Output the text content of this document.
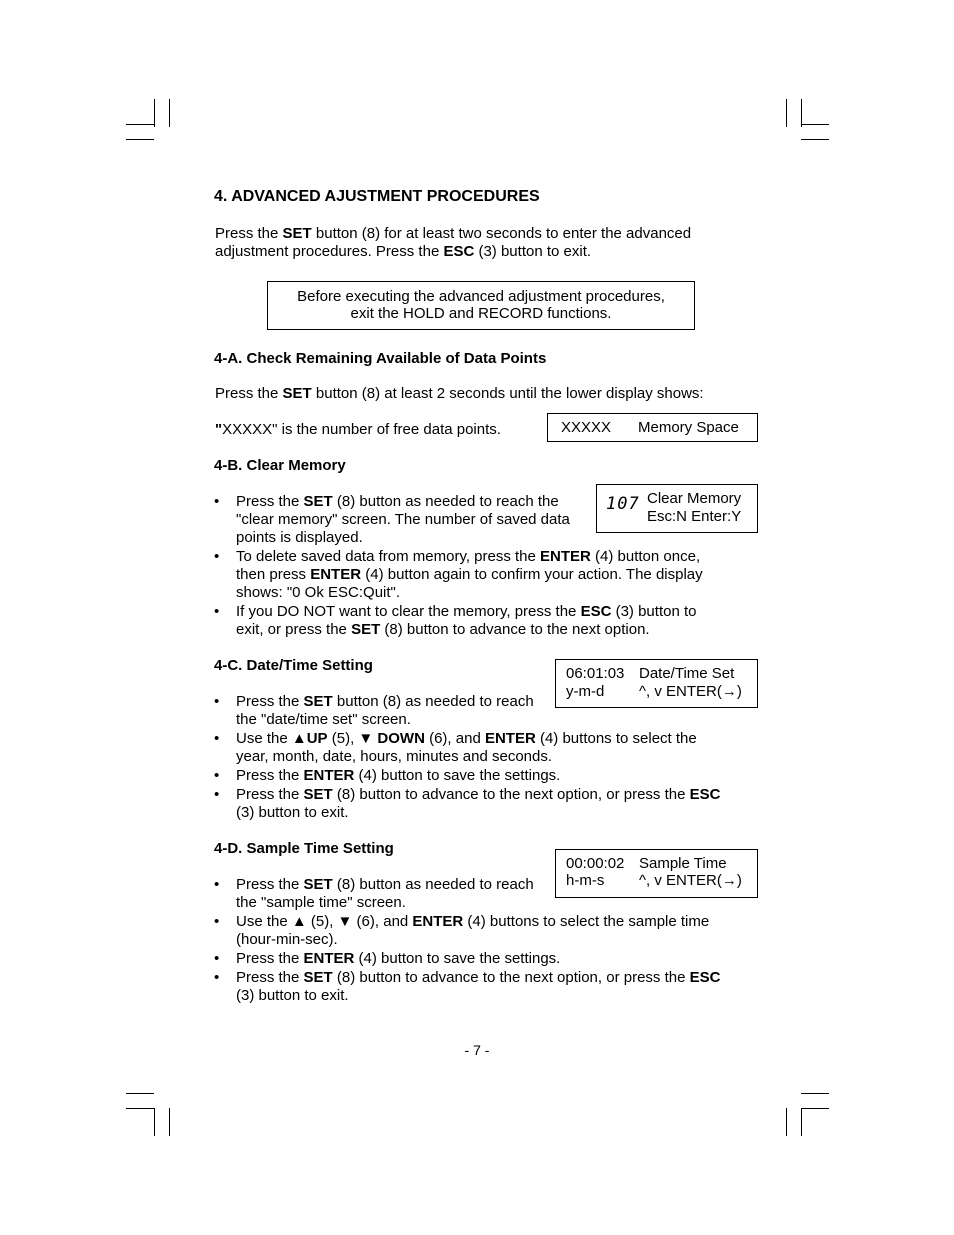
4. ADVANCED AJUSTMENT PROCEDURES
Press the SET button (8) for at least two seconds to enter the advanced
adjustment procedures. Press the ESC (3) button to exit.
Before executing the advanced adjustment procedures,
exit the HOLD and RECORD functions.
4-A. Check Remaining Available of Data Points
Press the SET button (8) at least 2 seconds until the lower display shows:
"XXXXX" is the number of free data points.	XXXXX Memory Space
4-B. Clear Memory
107 Clear Memory
Esc:N Enter:Y
• Press the SET (8) button as needed to reach the
"clear memory" screen. The number of saved data
points is displayed.
• To delete saved data from memory, press the ENTER (4) button once,
then press ENTER (4) button again to confirm your action. The display
shows: "0 Ok ESC:Quit".
• If you DO NOT want to clear the memory, press the ESC (3) button to
exit, or press the SET (8) button to advance to the next option.
4-C. Date/Time Setting	06:01:03 Date/Time Set
y-m-d ^, v ENTER(→)
• Press the SET button (8) as needed to reach
the "date/time set" screen.
• Use the ▲UP (5), ▼ DOWN (6), and ENTER (4) buttons to select the
year, month, date, hours, minutes and seconds.
• Press the ENTER (4) button to save the settings.
• Press the SET (8) button to advance to the next option, or press the ESC
(3) button to exit.
4-D. Sample Time Setting
00:00:02 Sample Time
h-m-s ^, v ENTER(→)
• Press the SET (8) button as needed to reach
the "sample time" screen.
• Use the ▲ (5), ▼ (6), and ENTER (4) buttons to select the sample time
(hour-min-sec).
• Press the ENTER (4) button to save the settings.
• Press the SET (8) button to advance to the next option, or press the ESC
(3) button to exit.
- 7 -
